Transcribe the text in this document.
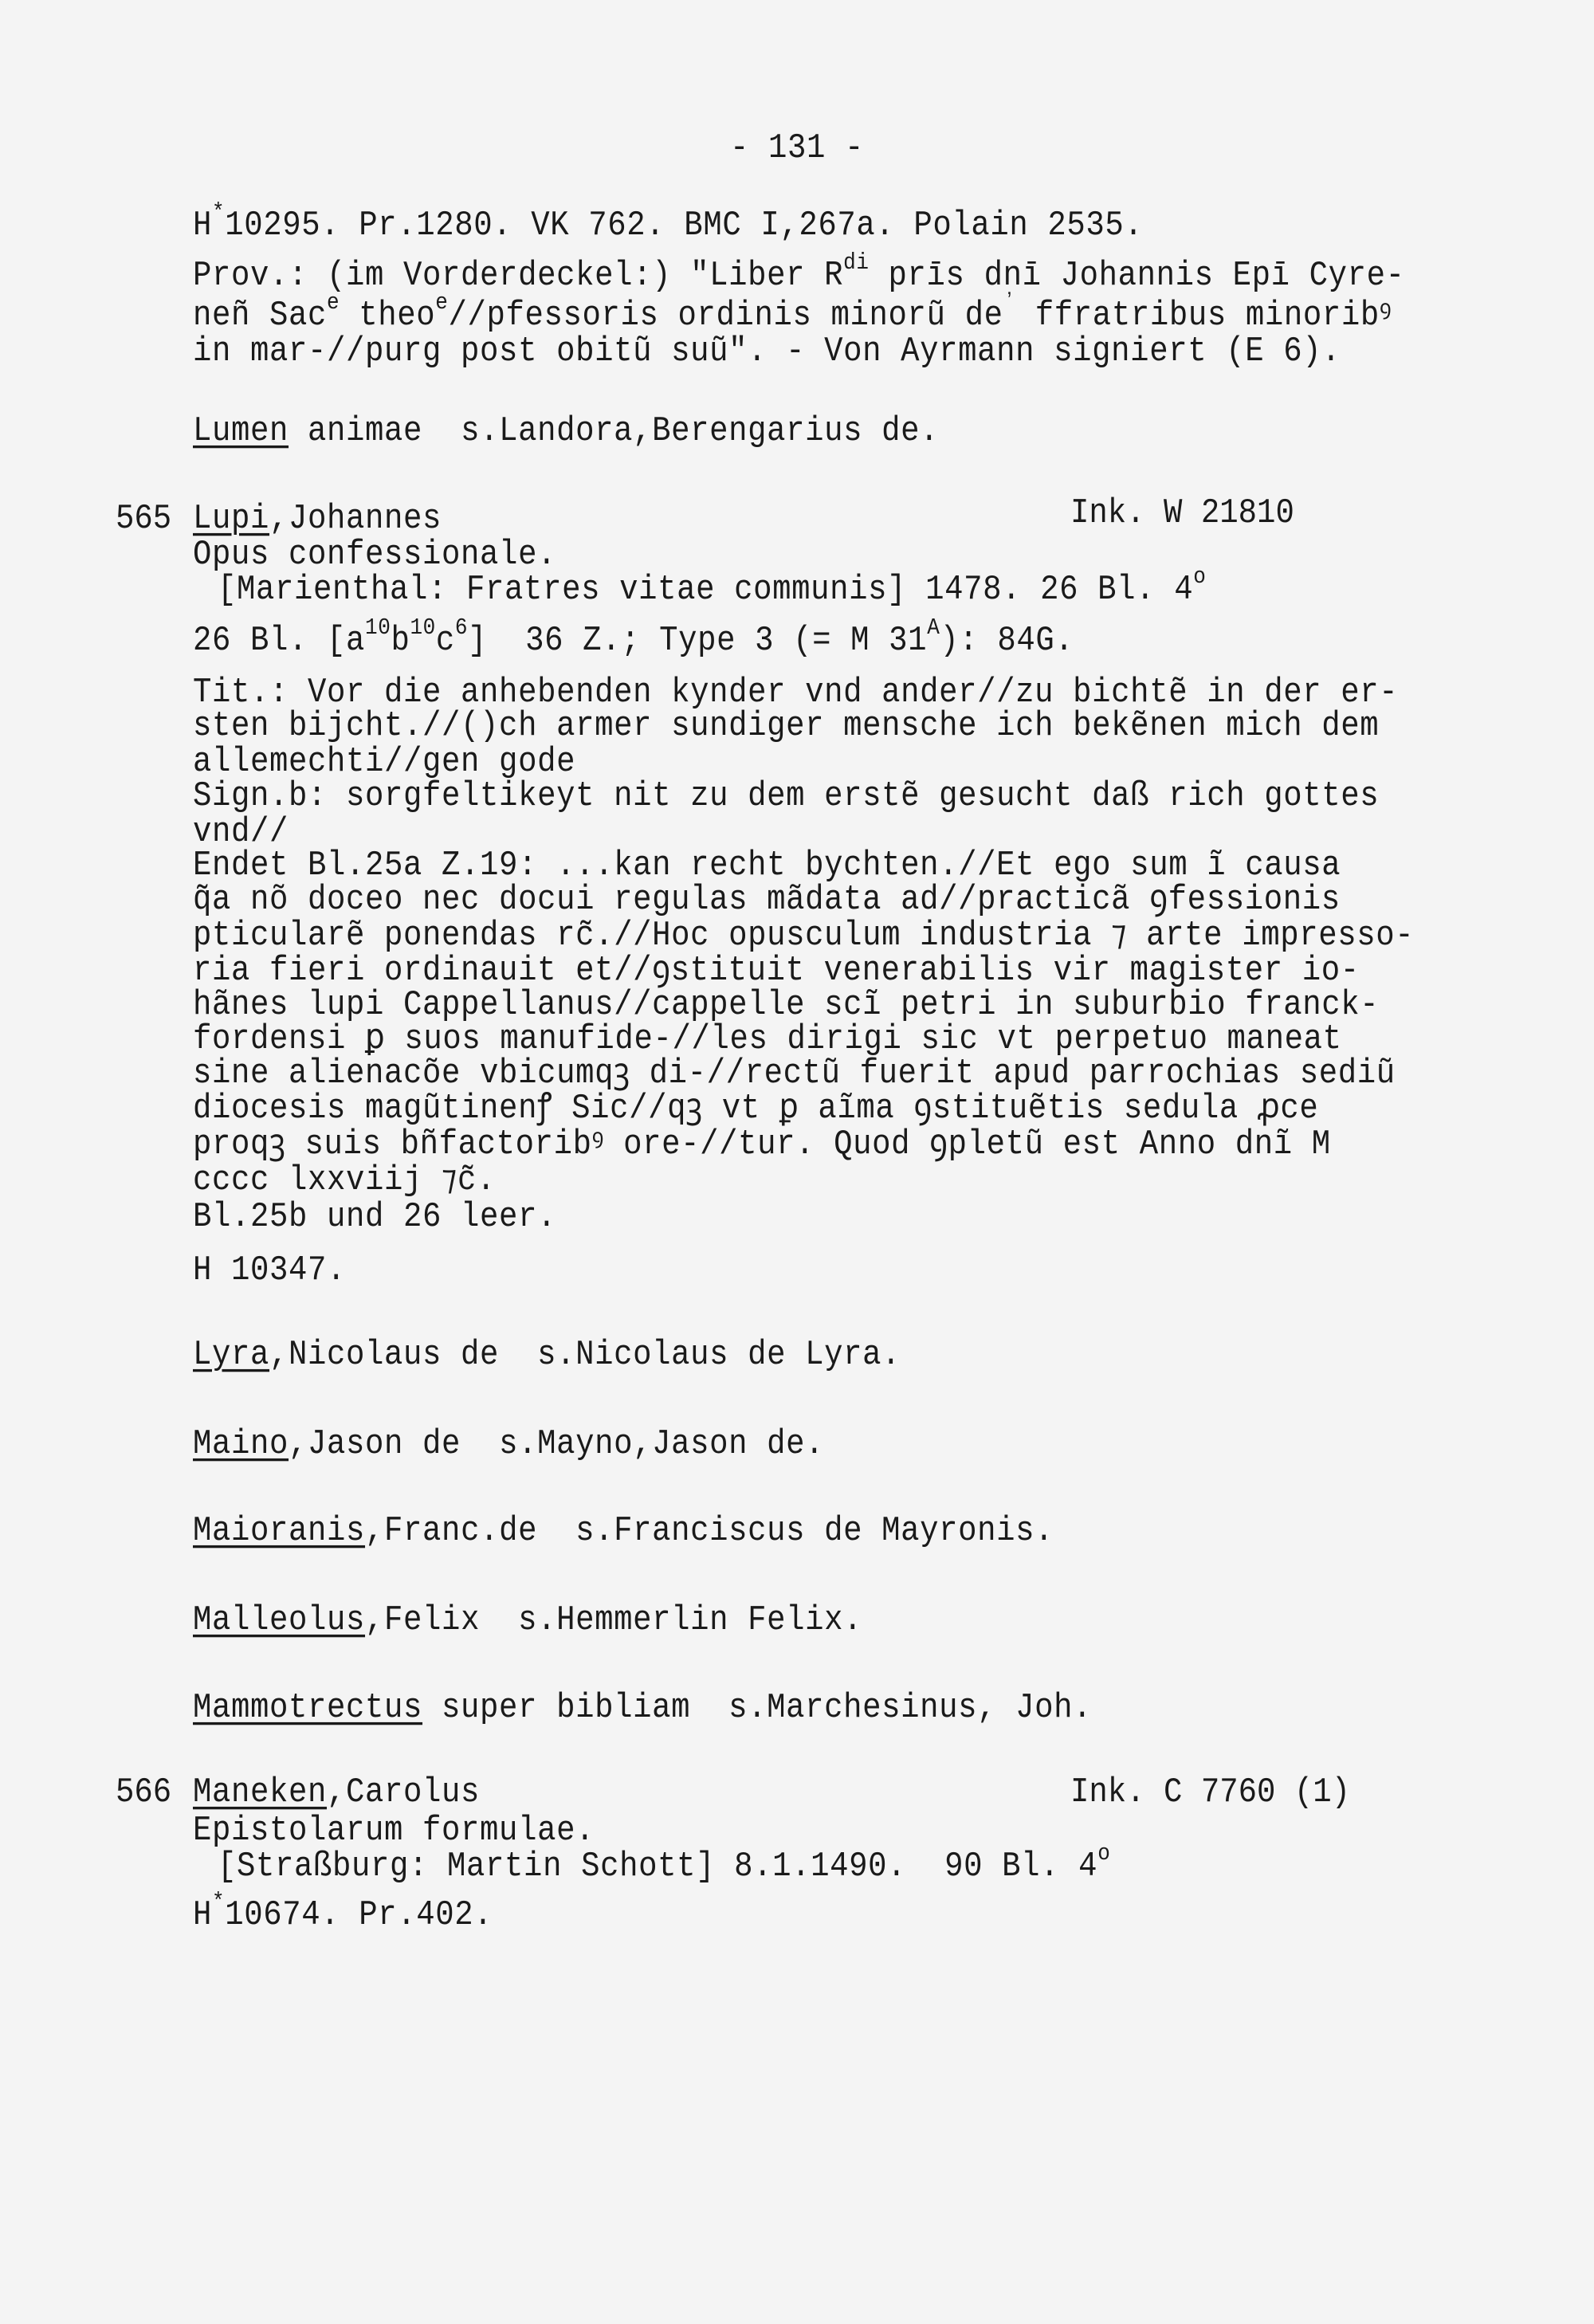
- 131 -
H*10295. Pr.1280. VK 762. BMC I,267a. Polain 2535.
Prov.: (im Vorderdeckel:) "Liber $R^{di}$ prīs dnī Johannis Epī Cyre-
neñ Sac$^e$ theo$^e$//pfessoris ordinis minorũ $de^ʼ$ ffratribus minoribꝰ
in mar-//purg post obitũ suũ". - Von Ayrmann signiert (E 6).
Lumen animae  s.Landora,Berengarius de.
565 Lupi,Johannes	Ink. W 21810
Opus confessionale.
[Marienthal: Fratres vitae communis] 1478. 26 Bl. 4$^o$
26 Bl. $[a^{10}b^{10}c^6]$  36 Z.; Type 3 (= M $31^A$): 84G.
Tit.: Vor die anhebenden kynder vnd ander//zu bichtẽ in der er-
sten bijcht.//()ch armer sundiger mensche ich bekẽnen mich dem
allemechti//gen gode
Sign.b: sorgfeltikeyt nit zu dem erstẽ gesucht daß rich gottes
vnd//
Endet Bl.25a Z.19: ...kan recht bychten.//Et ego sum ĩ causa
q̃a nõ doceo nec docui regulas mãdata ad//practicã ꝯfessionis
pticularẽ ponendas rc̃.//Hoc opusculum industria ⁊ arte impresso-
ria fieri ordinauit et//ꝯstituit venerabilis vir magister io-
hãnes lupi Cappellanus//cappelle scĩ petri in suburbio franck-
fordensi ꝑ suos manufide-//les dirigi sic vt perpetuo maneat
sine alienacõe vbicumqꝫ di-//rectũ fuerit apud parrochias sediũ
diocesis magũtinenꝭ Sic//qꝫ vt ꝑ aĩma ꝯstituẽtis sedula ꝓce
proqꝫ suis bñfactoribꝰ ore-//tur. Quod ꝯpletũ est Anno dnĩ M
cccc lxxviij ⁊c̃.
Bl.25b und 26 leer.
H 10347.
Lyra,Nicolaus de  s.Nicolaus de Lyra.
Maino,Jason de  s.Mayno,Jason de.
Maioranis,Franc.de  s.Franciscus de Mayronis.
Malleolus,Felix  s.Hemmerlin Felix.
Mammotrectus super bibliam  s.Marchesinus, Joh.
566 Maneken,Carolus	Ink. C 7760 (1)
Epistolarum formulae.
[Straßburg: Martin Schott] 8.1.1490.  90 Bl. 4$^o$
H*10674. Pr.402.
